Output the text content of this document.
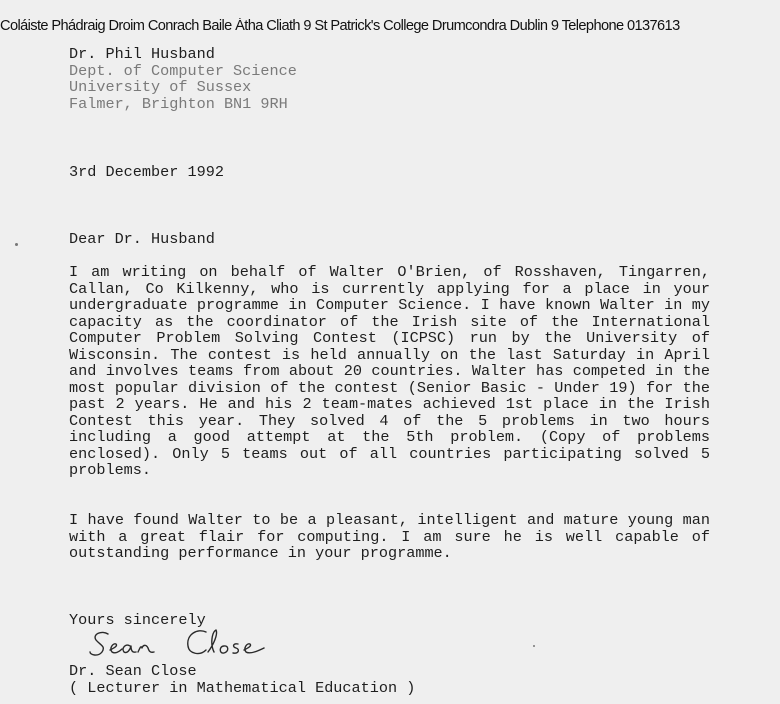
Coláiste Phádraig Droim Conrach Baile Átha Cliath 9 St Patrick's College Drumcondra Dublin 9 Telephone 0137613
Dr. Phil Husband
Dept. of Computer Science
University of Sussex
Falmer, Brighton BN1 9RH
3rd December 1992
Dear Dr. Husband
I am writing on behalf of Walter O'Brien, of Rosshaven, Tingarren, Callan, Co Kilkenny, who is currently applying for a place in your undergraduate programme in Computer Science. I have known Walter in my capacity as the coordinator of the Irish site of the International Computer Problem Solving Contest (ICPSC) run by the University of Wisconsin. The contest is held annually on the last Saturday in April and involves teams from about 20 countries. Walter has competed in the most popular division of the contest (Senior Basic - Under 19) for the past 2 years. He and his 2 team-mates achieved 1st place in the Irish Contest this year. They solved 4 of the 5 problems in two hours including a good attempt at the 5th problem. (Copy of problems enclosed). Only 5 teams out of all countries participating solved 5 problems.
I have found Walter to be a pleasant, intelligent and mature young man with a great flair for computing. I am sure he is well capable of outstanding performance in your programme.
Yours sincerely
Dr. Sean Close
( Lecturer in Mathematical Education )
